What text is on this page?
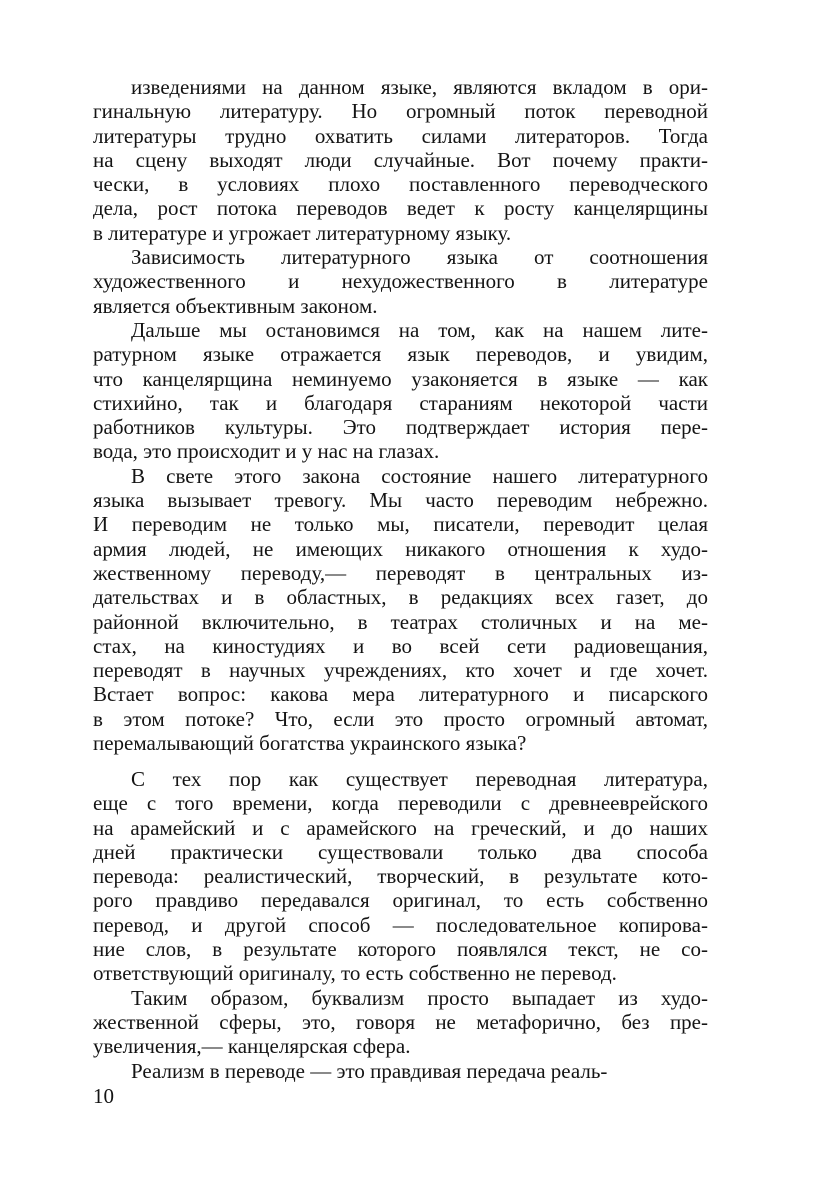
изведениями на данном языке, являются вкладом в ори-
гинальную литературу. Но огромный поток переводной
литературы трудно охватить силами литераторов. Тогда
на сцену выходят люди случайные. Вот почему практи-
чески, в условиях плохо поставленного переводческого
дела, рост потока переводов ведет к росту канцелярщины
в литературе и угрожает литературному языку.
Зависимость литературного языка от соотношения
художественного и нехудожественного в литературе
является объективным законом.
Дальше мы остановимся на том, как на нашем лите-
ратурном языке отражается язык переводов, и увидим,
что канцелярщина неминуемо узаконяется в языке — как
стихийно, так и благодаря стараниям некоторой части
работников культуры. Это подтверждает история пере-
вода, это происходит и у нас на глазах.
В свете этого закона состояние нашего литературного
языка вызывает тревогу. Мы часто переводим небрежно.
И переводим не только мы, писатели, переводит целая
армия людей, не имеющих никакого отношения к худо-
жественному переводу,— переводят в центральных из-
дательствах и в областных, в редакциях всех газет, до
районной включительно, в театрах столичных и на ме-
стах, на киностудиях и во всей сети радиовещания,
переводят в научных учреждениях, кто хочет и где хочет.
Встает вопрос: какова мера литературного и писарского
в этом потоке? Что, если это просто огромный автомат,
перемалывающий богатства украинского языка?
С тех пор как существует переводная литература,
еще с того времени, когда переводили с древнееврейского
на арамейский и с арамейского на греческий, и до наших
дней практически существовали только два способа
перевода: реалистический, творческий, в результате кото-
рого правдиво передавался оригинал, то есть собственно
перевод, и другой способ — последовательное копирова-
ние слов, в результате которого появлялся текст, не со-
ответствующий оригиналу, то есть собственно не перевод.
Таким образом, буквализм просто выпадает из худо-
жественной сферы, это, говоря не метафорично, без пре-
увеличения,— канцелярская сфера.
Реализм в переводе — это правдивая передача реаль-
10
